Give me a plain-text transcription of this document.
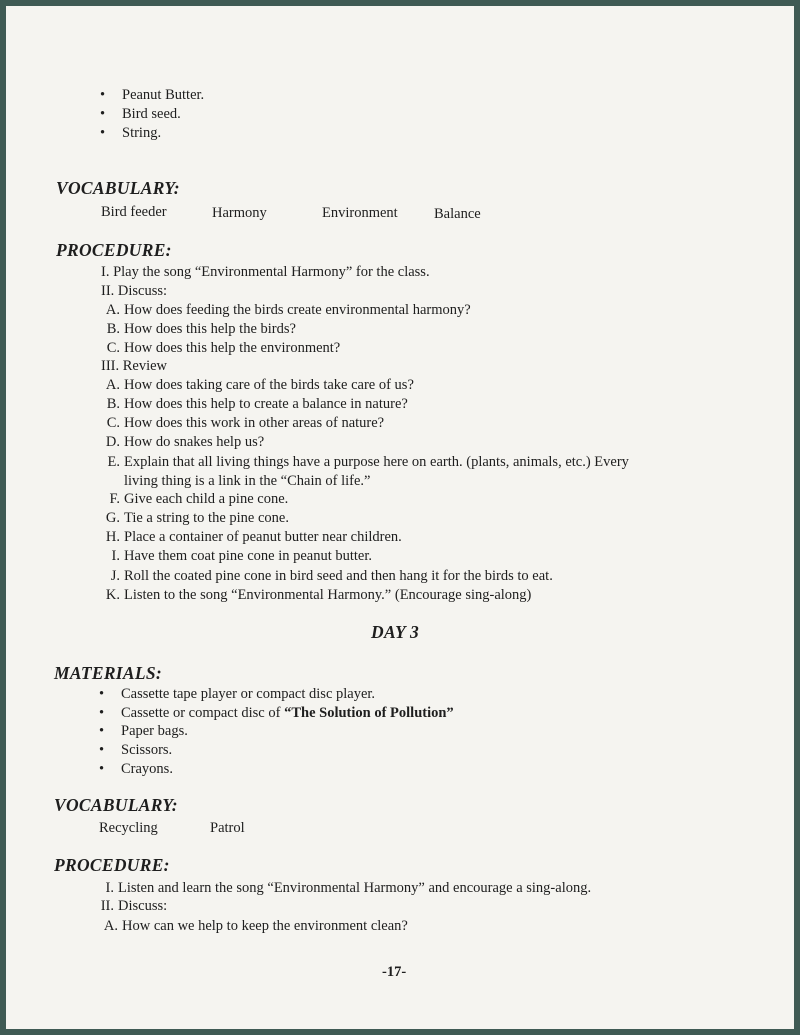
• Peanut Butter.
• Bird seed.
• String.
VOCABULARY:
Bird feeder	Harmony	Environment	Balance
PROCEDURE:
I. Play the song “Environmental Harmony” for the class.
II. Discuss:
A. How does feeding the birds create environmental harmony?
B. How does this help the birds?
C. How does this help the environment?
III. Review
A. How does taking care of the birds take care of us?
B. How does this help to create a balance in nature?
C. How does this work in other areas of nature?
D. How do snakes help us?
E. Explain that all living things have a purpose here on earth. (plants, animals, etc.) Every
living thing is a link in the “Chain of life.”
F. Give each child a pine cone.
G. Tie a string to the pine cone.
H. Place a container of peanut butter near children.
I. Have them coat pine cone in peanut butter.
J. Roll the coated pine cone in bird seed and then hang it for the birds to eat.
K. Listen to the song “Environmental Harmony.” (Encourage sing-along)
DAY 3
MATERIALS:
• Cassette tape player or compact disc player.
• Cassette or compact disc of “The Solution of Pollution”
• Paper bags.
• Scissors.
• Crayons.
VOCABULARY:
Recycling	Patrol
PROCEDURE:
I. Listen and learn the song “Environmental Harmony” and encourage a sing-along.
II. Discuss:
A. How can we help to keep the environment clean?
-17-
